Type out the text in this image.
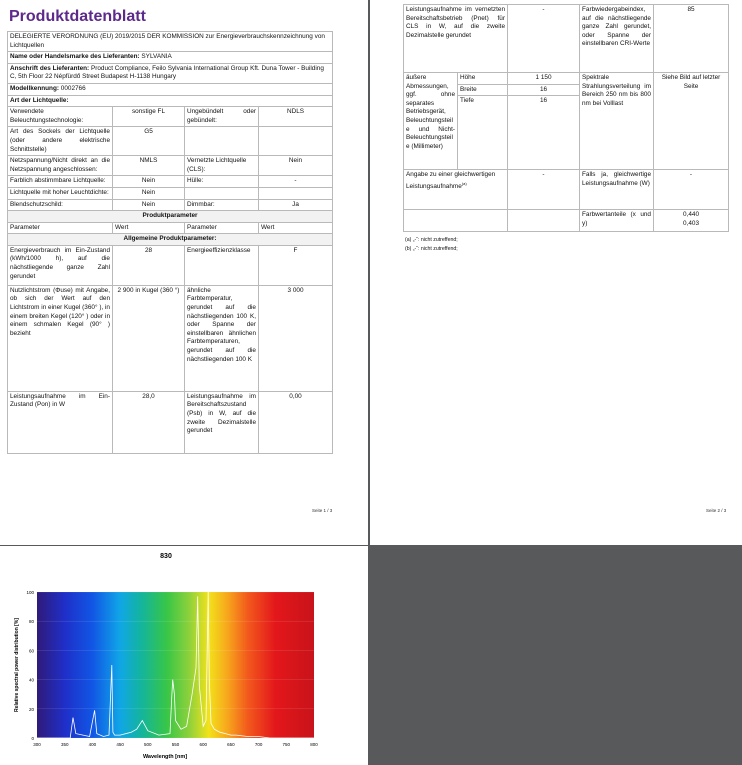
Produktdatenblatt
DELEGIERTE VERORDNUNG (EU) 2019/2015 DER KOMMISSION zur Energieverbrauchskennzeichnung von Lichtquellen			
Name oder Handelsmarke des Lieferanten: SYLVANIA			
Anschrift des Lieferanten: Product Compliance, Feilo Sylvania International Group Kft. Duna Tower - Building C, 5th Floor 22 Népfürdő Street Budapest H-1138 Hungary			
Modellkennung: 0002766			
Art der Lichtquelle:			
Verwendete Beleuchtungstechnologie:	sonstige FL	Ungebündelt oder gebündelt:	NDLS
Art des Sockels der Lichtquelle (oder andere elektrische Schnittstelle)	G5		
Netzspannung/Nicht direkt an die Netzspannung angeschlossen:	NMLS	Vernetzte Lichtquelle (CLS):	Nein
Farblich abstimmbare Lichtquelle:	Nein	Hülle:	-
Lichtquelle mit hoher Leuchtdichte:	Nein		
Blendschutzschild:	Nein	Dimmbar:	Ja
Produktparameter			
Parameter	Wert	Parameter	Wert
Allgemeine Produktparameter:			
Energieverbrauch im Ein-Zustand (kWh/1000 h), auf die nächstliegende ganze Zahl gerundet	28	Energieeffizienzklasse	F
Nutzlichtstrom (Φuse) mit Angabe, ob sich der Wert auf den Lichtstrom in einer Kugel (360° ), in einem breiten Kegel (120° ) oder in einem schmalen Kegel (90° ) bezieht	2 900 in Kugel (360 °)	ähnliche Farbtemperatur, gerundet auf die nächstliegenden 100 K, oder Spanne der einstellbaren ähnlichen Farbtemperaturen, gerundet auf die nächstliegenden 100 K	3 000
Leistungsaufnahme im Ein-Zustand (Pon) in W	28,0	Leistungsaufnahme im Bereitschaftszustand (Psb) in W, auf die zweite Dezimalstelle gerundet	0,00
Seite 1 / 3
Leistungsaufnahme im vernetzten Bereitschaftsbetrieb (Pnet) für CLS in W, auf die zweite Dezimalstelle gerundet		-	Farbwiedergabeindex, auf die nächstliegende ganze Zahl gerundet, oder Spanne der einstellbaren CRI-Werte	85
äußere Abmessungen, ggf. ohne separates Betriebsgerät, Beleuchtungsteile und Nicht-Beleuchtungsteile (Millimeter)	Höhe	1 150	Spektrale Strahlungsverteilung im Bereich 250 nm bis 800 nm bei Volllast	Siehe Bild auf letzter Seite
	Breite	16		
	Tiefe	16		
Angabe zu einer gleichwertigen Leistungsaufnahme$^{(a)}$		-	Falls ja, gleichwertige Leistungsaufnahme (W)	-
			Farbwertanteile (x und y)	0,440
0,403
(a) „-“: nicht zutreffend;
(b) „-“: nicht zutreffend;
Seite 2 / 3
830
0
20
40
60
80
100
300	350	400	450	500	550	600	650	700	750	800
Wavelength [nm]
Relative spectral power distribution [%]
